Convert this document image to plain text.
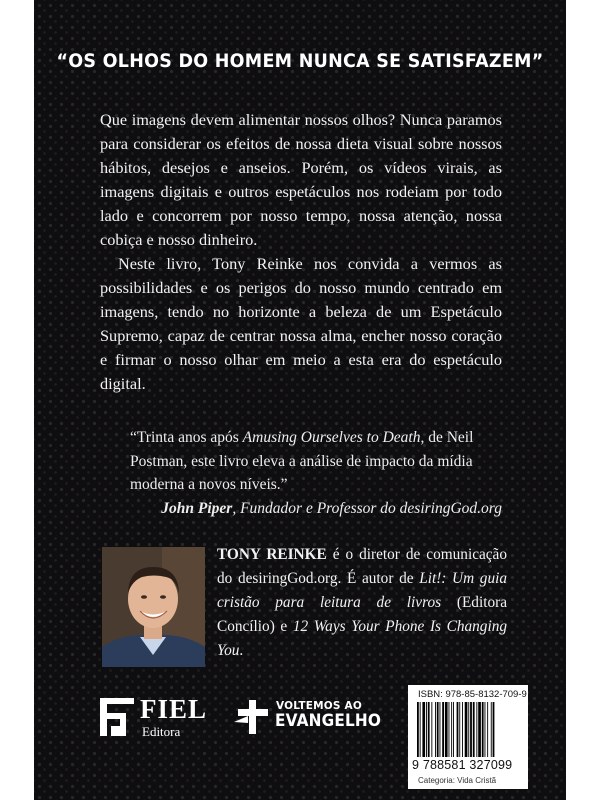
“OS OLHOS DO HOMEM NUNCA SE SATISFAZEM”

Que imagens devem alimentar nossos olhos? Nunca paramos para considerar os efeitos de nossa dieta visual sobre nossos hábitos, desejos e anseios. Porém, os vídeos virais, as imagens digitais e outros espetáculos nos rodeiam por todo lado e concorrem por nosso tempo, nossa atenção, nossa cobiça e nosso dinheiro.

Neste livro, Tony Reinke nos convida a vermos as possibilidades e os perigos do nosso mundo centrado em imagens, tendo no horizonte a beleza de um Espetáculo Supremo, capaz de centrar nossa alma, encher nosso coração e firmar o nosso olhar em meio a esta era do espetáculo digital.

“Trinta anos após Amusing Ourselves to Death, de Neil Postman, este livro eleva a análise de impacto da mídia moderna a novos níveis.”
John Piper, Fundador e Professor do desiringGod.org

TONY REINKE é o diretor de comunicação do desiringGod.org. É autor de Lit!: Um guia cristão para leitura de livros (Editora Concílio) e 12 Ways Your Phone Is Changing You.

FIEL
Editora
VOLTEMOS AO
EVANGELHO
ISBN: 978-85-8132-709-9
9 788581 327099
Categoria: Vida Cristã
